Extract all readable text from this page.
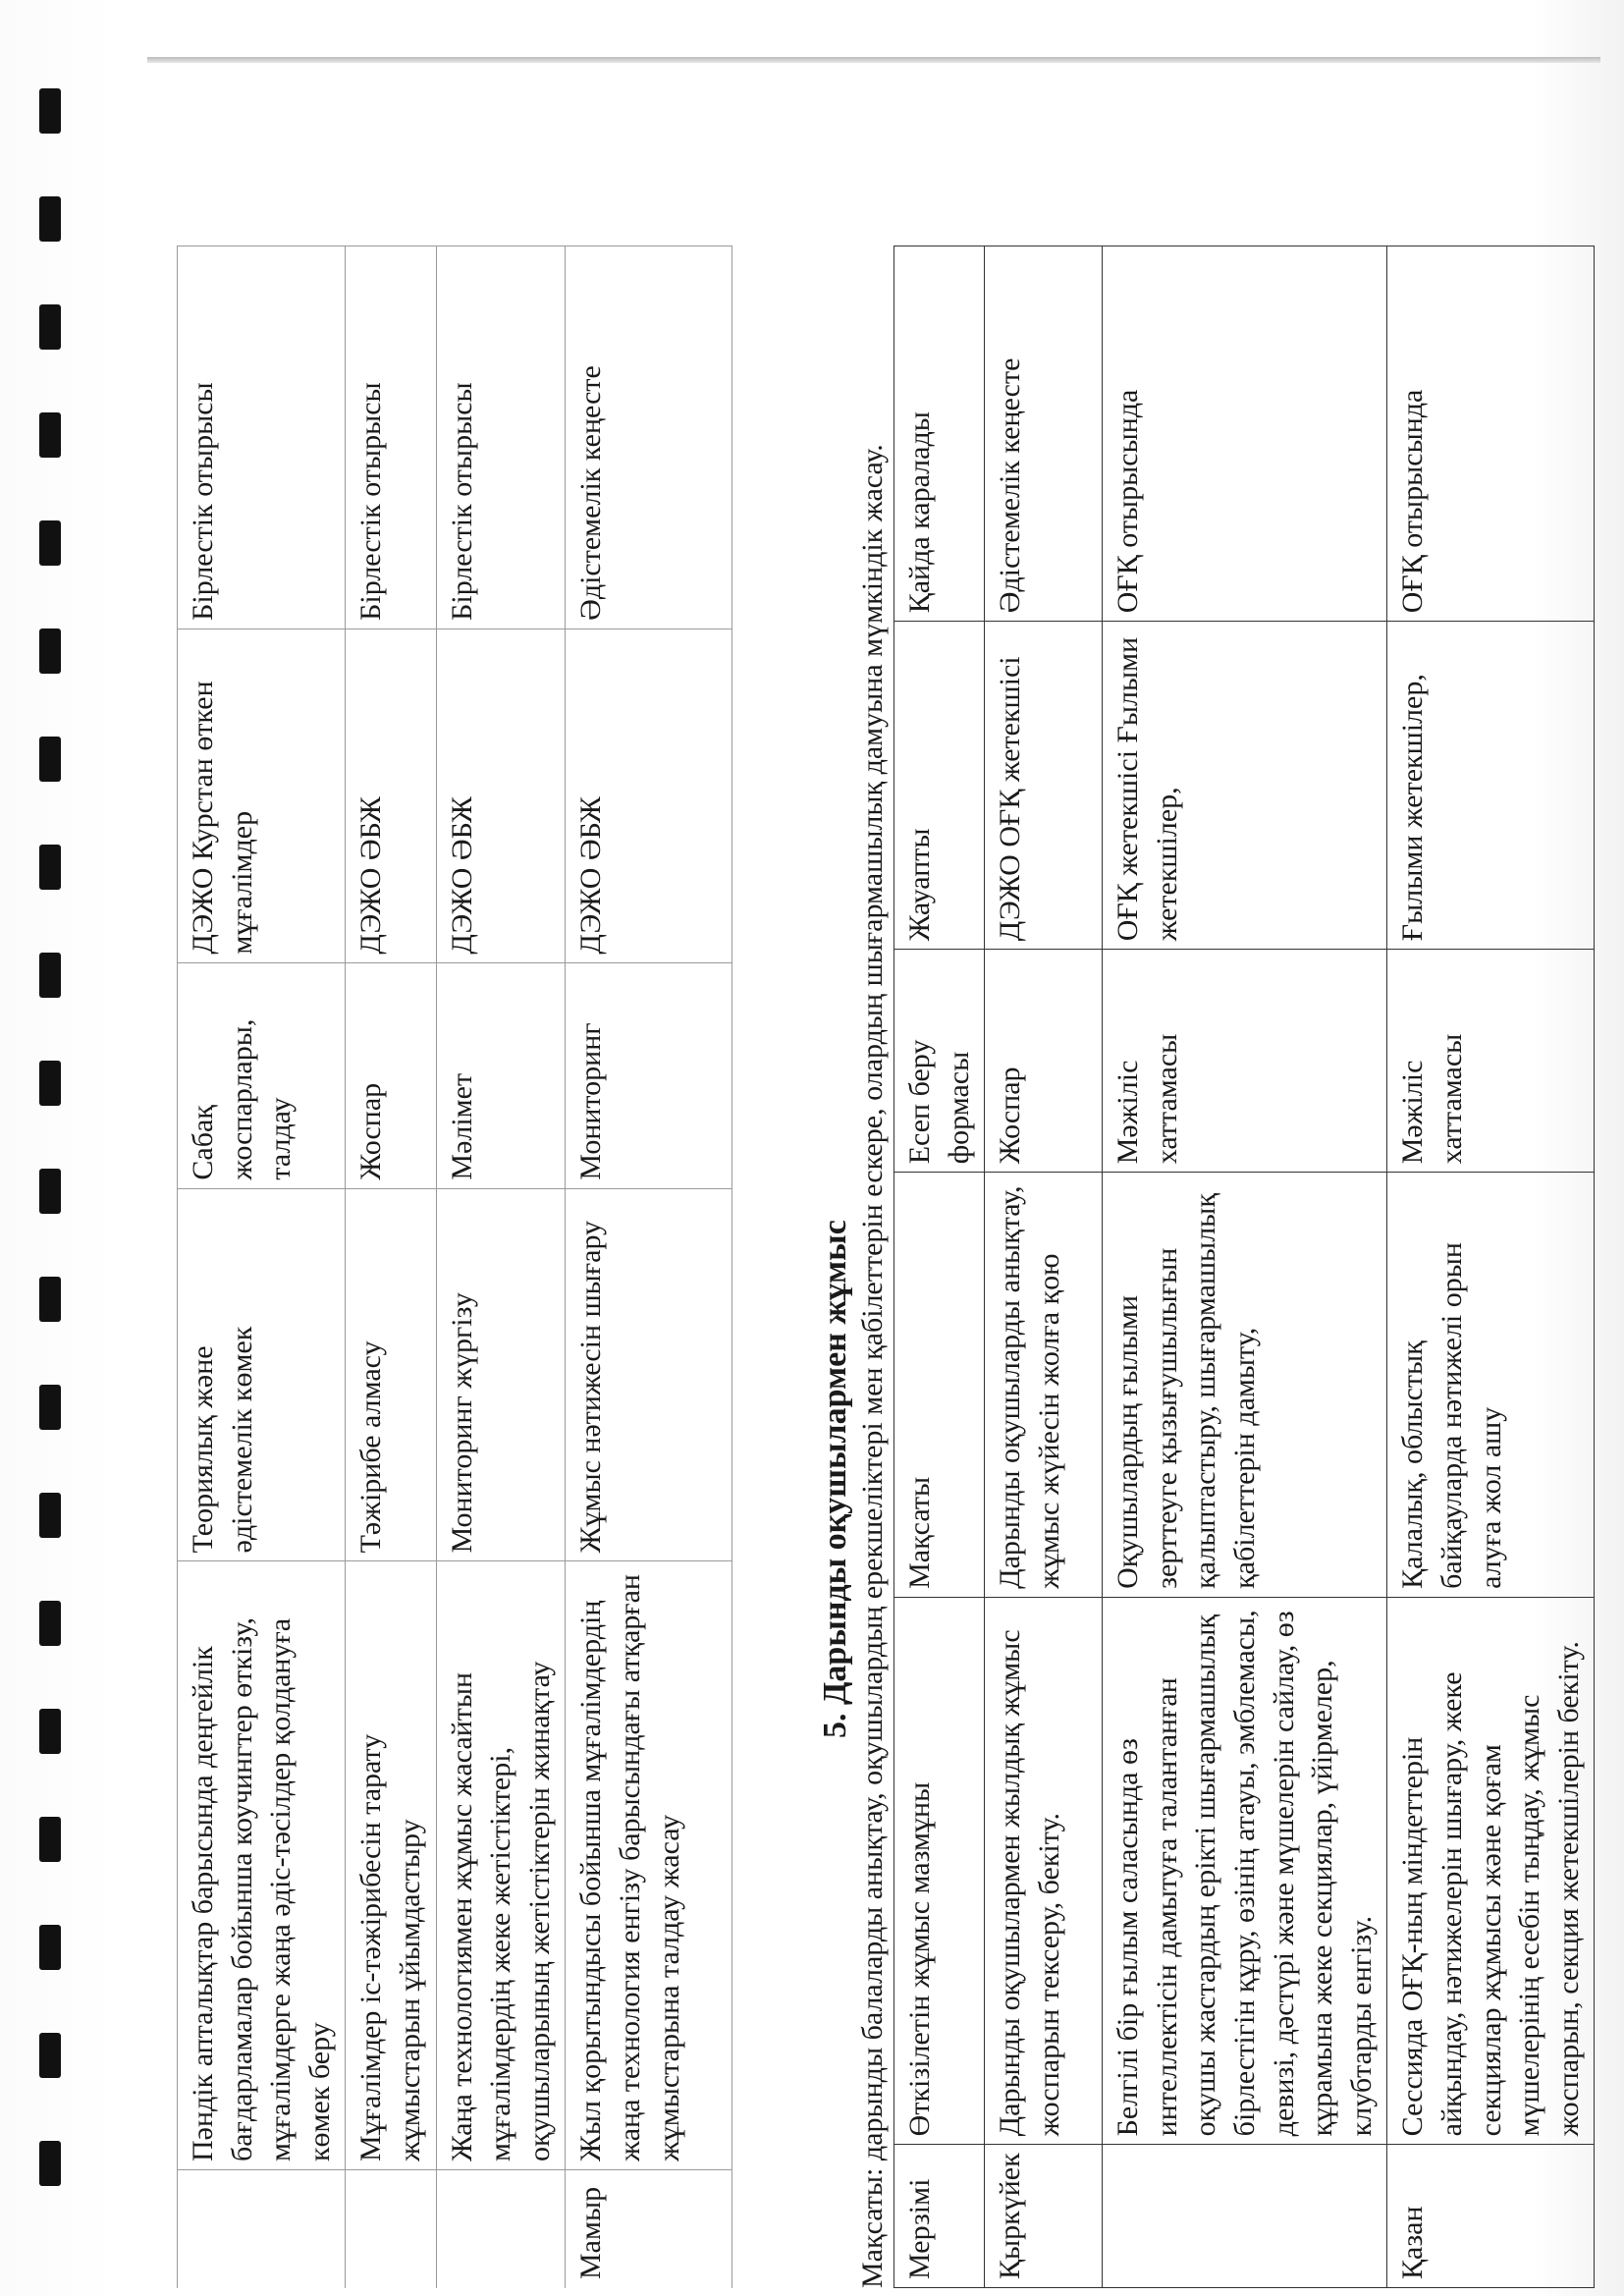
	Пәндік апталықтар барысында деңгейлік бағдарламалар бойынша коучингтер өткізу, мұғалімдерге жаңа әдіс-тәсілдер қолдануға көмек беру	Теориялық және әдістемелік көмек	Сабақ жоспарлары, талдау	ДЭЖО Курстан өткен мұғалімдер	Бірлестік отырысы
	Мұғалімдер іс-тәжірибесін тарату жұмыстарын ұйымдастыру	Тәжірибе алмасу	Жоспар	ДЭЖО ӘБЖ	Бірлестік отырысы
	Жаңа технологиямен жұмыс жасайтын мұғалімдердің жеке жетістіктері, оқушыларының жетістіктерін жинақтау	Мониторинг жүргізу	Мәлімет	ДЭЖО ӘБЖ	Бірлестік отырысы
Мамыр	Жыл қорытындысы бойынша мұғалімдердің жаңа технология енгізу барысындағы атқарған жұмыстарына талдау жасау	Жұмыс нәтижесін шығару	Мониторинг	ДЭЖО ӘБЖ	Әдістемелік кеңесте
5. Дарынды оқушылармен жұмыс Мақсаты: дарынды балаларды анықтау, оқушылардың ерекшеліктері мен қабілеттерін ескере, олардың шығармашылық дамуына мүмкіндік жасау. Мерзімі	Өткізілетін жұмыс мазмұны	Мақсаты	Есеп беру формасы	Жауапты	Қайда каралады
Қыркүйек	Дарынды оқушылармен жылдық жұмыс жоспарын тексеру, бекіту.	Дарынды оқушыларды анықтау, жұмыс жүйесін жолға қою	Жоспар	ДЭЖО ОҒҚ жетекшісі	Әдістемелік кеңесте
	Белгілі бір ғылым саласында өз интеллектісін дамытуға талантанған оқушы жастардың ерікті шығармашылық бірлестігін құру, өзінің атауы, эмблемасы, девизі, дәстүрі және мүшелерін сайлау, өз құрамына жеке секциялар, үйірмелер, клубтарды енгізу.	Оқушылардың ғылыми зерттеуге қызығушылығын қалыптастыру, шығармашылық қабілеттерін дамыту,	Мәжіліс хаттамасы	ОҒҚ жетекшісі Ғылыми жетекшілер,	ОҒҚ отырысында
Қазан	Сессияда ОҒҚ-ның міндеттерін айқындау, нәтижелерін шығару, жеке секциялар жұмысы және қоғам мүшелерінің есебін тыңдау, жұмыс жоспарын, секция жетекшілерін бекіту.	Қалалық, облыстық байқауларда нәтижелі орын алуға жол ашу	Мәжіліс хаттамасы	Ғылыми жетекшілер,	ОҒҚ отырысында
